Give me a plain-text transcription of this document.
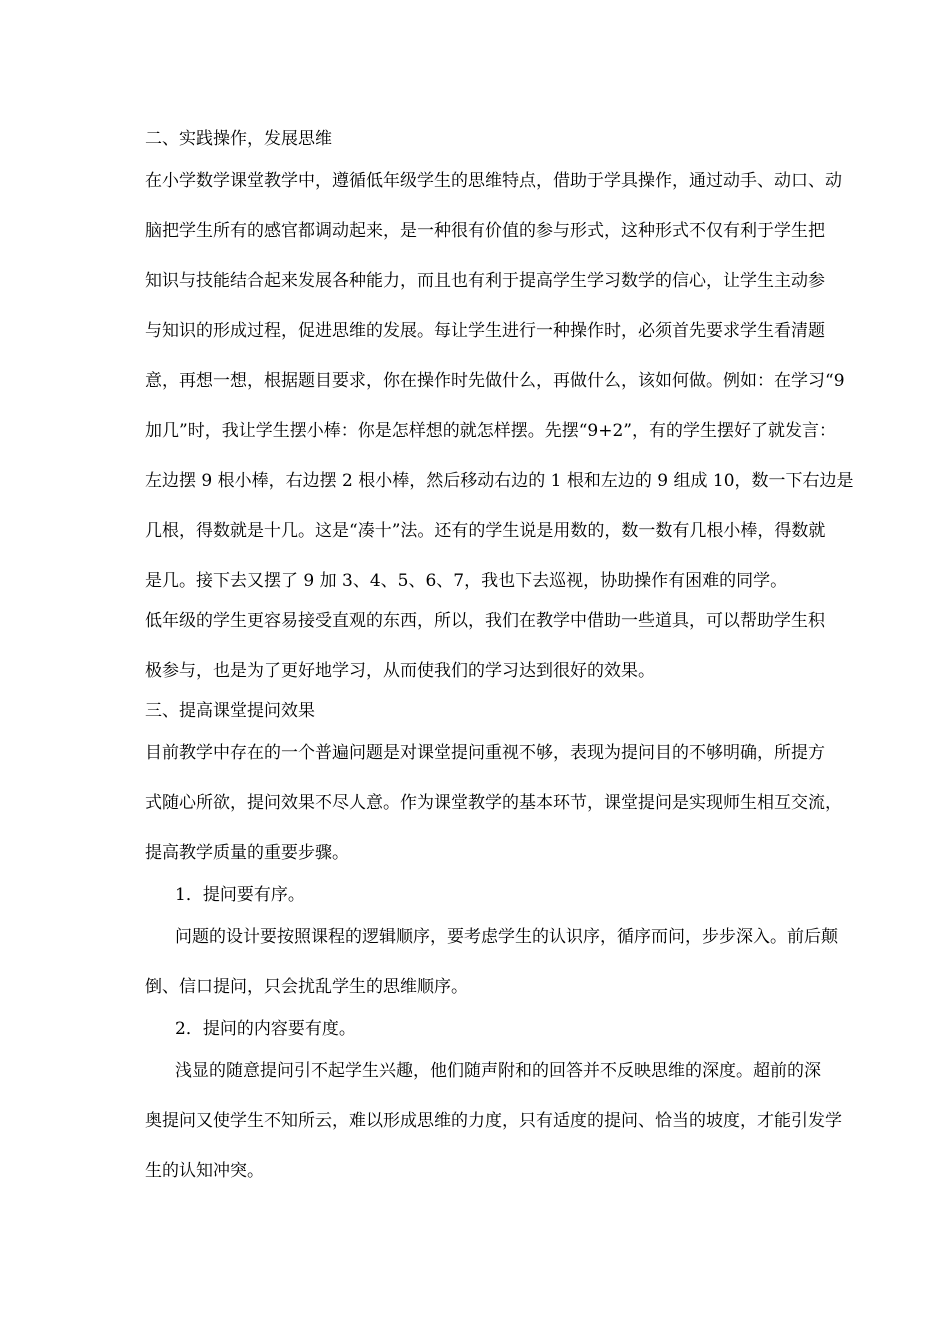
二、实践操作，发展思维

在小学数学课堂教学中，遵循低年级学生的思维特点，借助于学具操作，通过动手、动口、动

脑把学生所有的感官都调动起来，是一种很有价值的参与形式，这种形式不仅有利于学生把

知识与技能结合起来发展各种能力，而且也有利于提高学生学习数学的信心，让学生主动参

与知识的形成过程，促进思维的发展。每让学生进行一种操作时，必须首先要求学生看清题

意，再想一想，根据题目要求，你在操作时先做什么，再做什么，该如何做。例如：在学习“9

加几”时，我让学生摆小棒：你是怎样想的就怎样摆。先摆“9+2”，有的学生摆好了就发言：

左边摆 9 根小棒，右边摆 2 根小棒，然后移动右边的 1 根和左边的 9 组成 10，数一下右边是

几根，得数就是十几。这是“凑十”法。还有的学生说是用数的，数一数有几根小棒，得数就

是几。接下去又摆了 9 加 3、4、5、6、7，我也下去巡视，协助操作有困难的同学。

低年级的学生更容易接受直观的东西，所以，我们在教学中借助一些道具，可以帮助学生积

极参与，也是为了更好地学习，从而使我们的学习达到很好的效果。

三、提高课堂提问效果

目前教学中存在的一个普遍问题是对课堂提问重视不够，表现为提问目的不够明确，所提方

式随心所欲，提问效果不尽人意。作为课堂教学的基本环节，课堂提问是实现师生相互交流，

提高教学质量的重要步骤。

1．提问要有序。

问题的设计要按照课程的逻辑顺序，要考虑学生的认识序，循序而问，步步深入。前后颠

倒、信口提问，只会扰乱学生的思维顺序。

2．提问的内容要有度。

浅显的随意提问引不起学生兴趣，他们随声附和的回答并不反映思维的深度。超前的深

奥提问又使学生不知所云，难以形成思维的力度，只有适度的提问、恰当的坡度，才能引发学

生的认知冲突。
